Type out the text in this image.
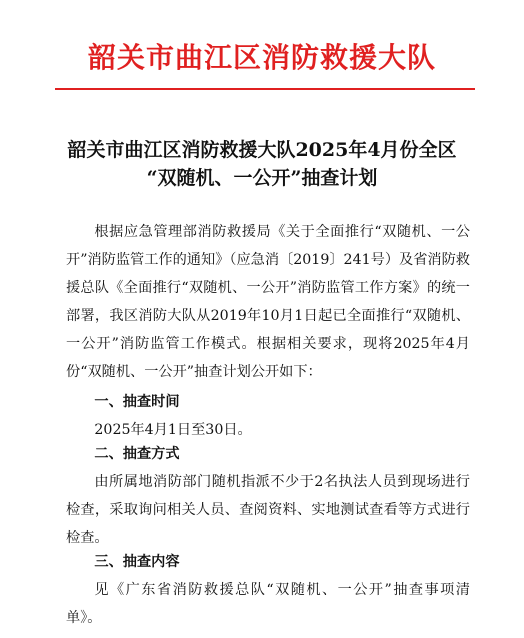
韶关市曲江区消防救援大队
韶关市曲江区消防救援大队2025年4月份全区
“双随机、一公开”抽查计划

根据应急管理部消防救援局《关于全面推行“双随机、一公开”消防监管工作的通知》（应急消〔2019〕241号）及省消防救援总队《全面推行“双随机、一公开”消防监管工作方案》的统一部署，我区消防大队从2019年10月1日起已全面推行“双随机、一公开”消防监管工作模式。根据相关要求，现将2025年4月份“双随机、一公开”抽查计划公开如下：

一、抽查时间
2025年4月1日至30日。
二、抽查方式
由所属地消防部门随机指派不少于2名执法人员到现场进行检查，采取询问相关人员、查阅资料、实地测试查看等方式进行检查。
三、抽查内容
见《广东省消防救援总队“双随机、一公开”抽查事项清单》。
